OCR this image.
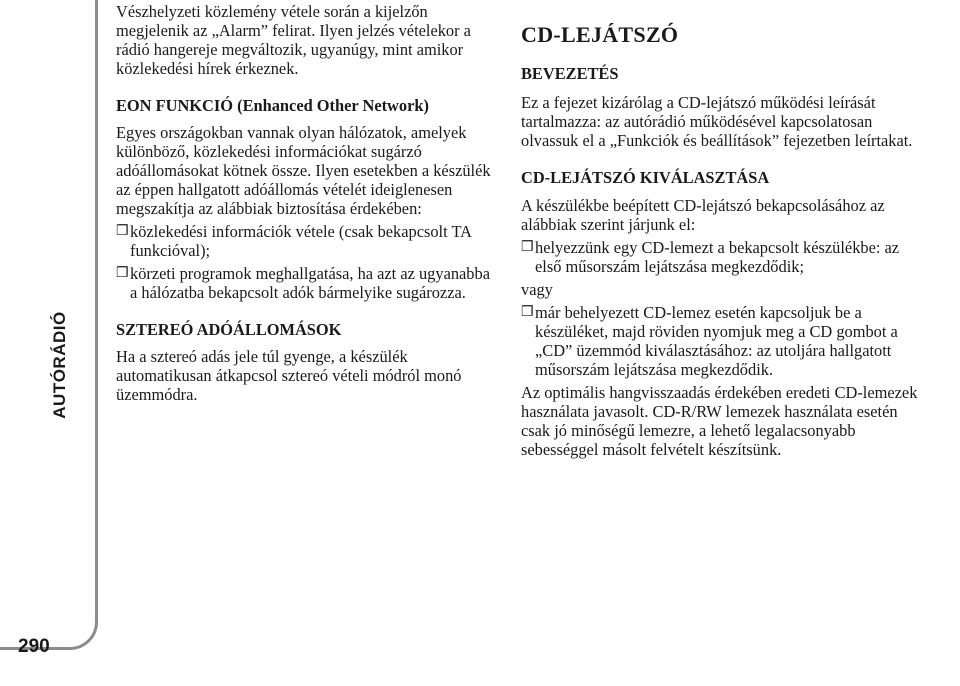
AUTÓRÁDIÓ
290

Vészhelyzeti közlemény vétele során a kijelzőn megjelenik az „Alarm” felirat. Ilyen jelzés vételekor a rádió hangereje megváltozik, ugyanúgy, mint amikor közlekedési hírek érkeznek.

EON FUNKCIÓ (Enhanced Other Network)

Egyes országokban vannak olyan hálózatok, amelyek különböző, közlekedési információkat sugárzó adóállomásokat kötnek össze. Ilyen esetekben a készülék az éppen hallgatott adóállomás vételét ideiglenesen megszakítja az alábbiak biztosítása érdekében:

❒ közlekedési információk vétele (csak bekapcsolt TA funkcióval);
❒ körzeti programok meghallgatása, ha azt az ugyanabba a hálózatba bekapcsolt adók bármelyike sugározza.
SZTEREÓ ADÓÁLLOMÁSOK

Ha a sztereó adás jele túl gyenge, a készülék automatikusan átkapcsol sztereó vételi módról monó üzemmódra.

CD-LEJÁTSZÓ
BEVEZETÉS

Ez a fejezet kizárólag a CD-lejátszó működési leírását tartalmazza: az autórádió működésével kapcsolatosan olvassuk el a „Funkciók és beállítások” fejezetben leírtakat.

CD-LEJÁTSZÓ KIVÁLASZTÁSA

A készülékbe beépített CD-lejátszó bekapcsolásához az alábbiak szerint járjunk el:

❒ helyezzünk egy CD-lemezt a bekapcsolt készülékbe: az első műsorszám lejátszása megkezdődik;

vagy

❒ már behelyezett CD-lemez esetén kapcsoljuk be a készüléket, majd röviden nyomjuk meg a CD gombot a „CD” üzemmód kiválasztásához: az utoljára hallgatott műsorszám lejátszása megkezdődik.

Az optimális hangvisszaadás érdekében eredeti CD-lemezek használata javasolt. CD-R/RW lemezek használata esetén csak jó minőségű lemezre, a lehető legalacsonyabb sebességgel másolt felvételt készítsünk.
